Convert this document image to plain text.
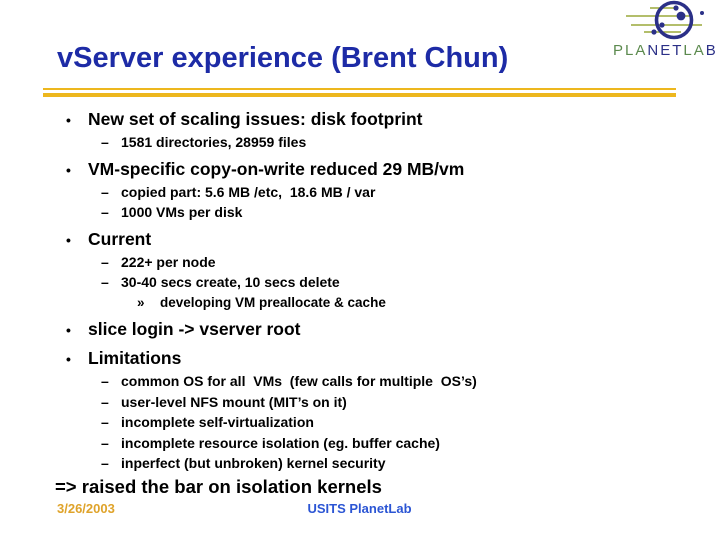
PLANETLAB
vServer experience (Brent Chun)
• New set of scaling issues: disk footprint
– 1581 directories, 28959 files
• VM-specific copy-on-write reduced 29 MB/vm
– copied part: 5.6 MB /etc,  18.6 MB / var
– 1000 VMs per disk
• Current
– 222+ per node
– 30-40 secs create, 10 secs delete
» developing VM preallocate & cache
• slice login -> vserver root
• Limitations
– common OS for all  VMs  (few calls for multiple  OS’s)
– user-level NFS mount (MIT’s on it)
– incomplete self-virtualization
– incomplete resource isolation (eg. buffer cache)
– inperfect (but unbroken) kernel security
=> raised the bar on isolation kernels
3/26/2003	USITS PlanetLab
